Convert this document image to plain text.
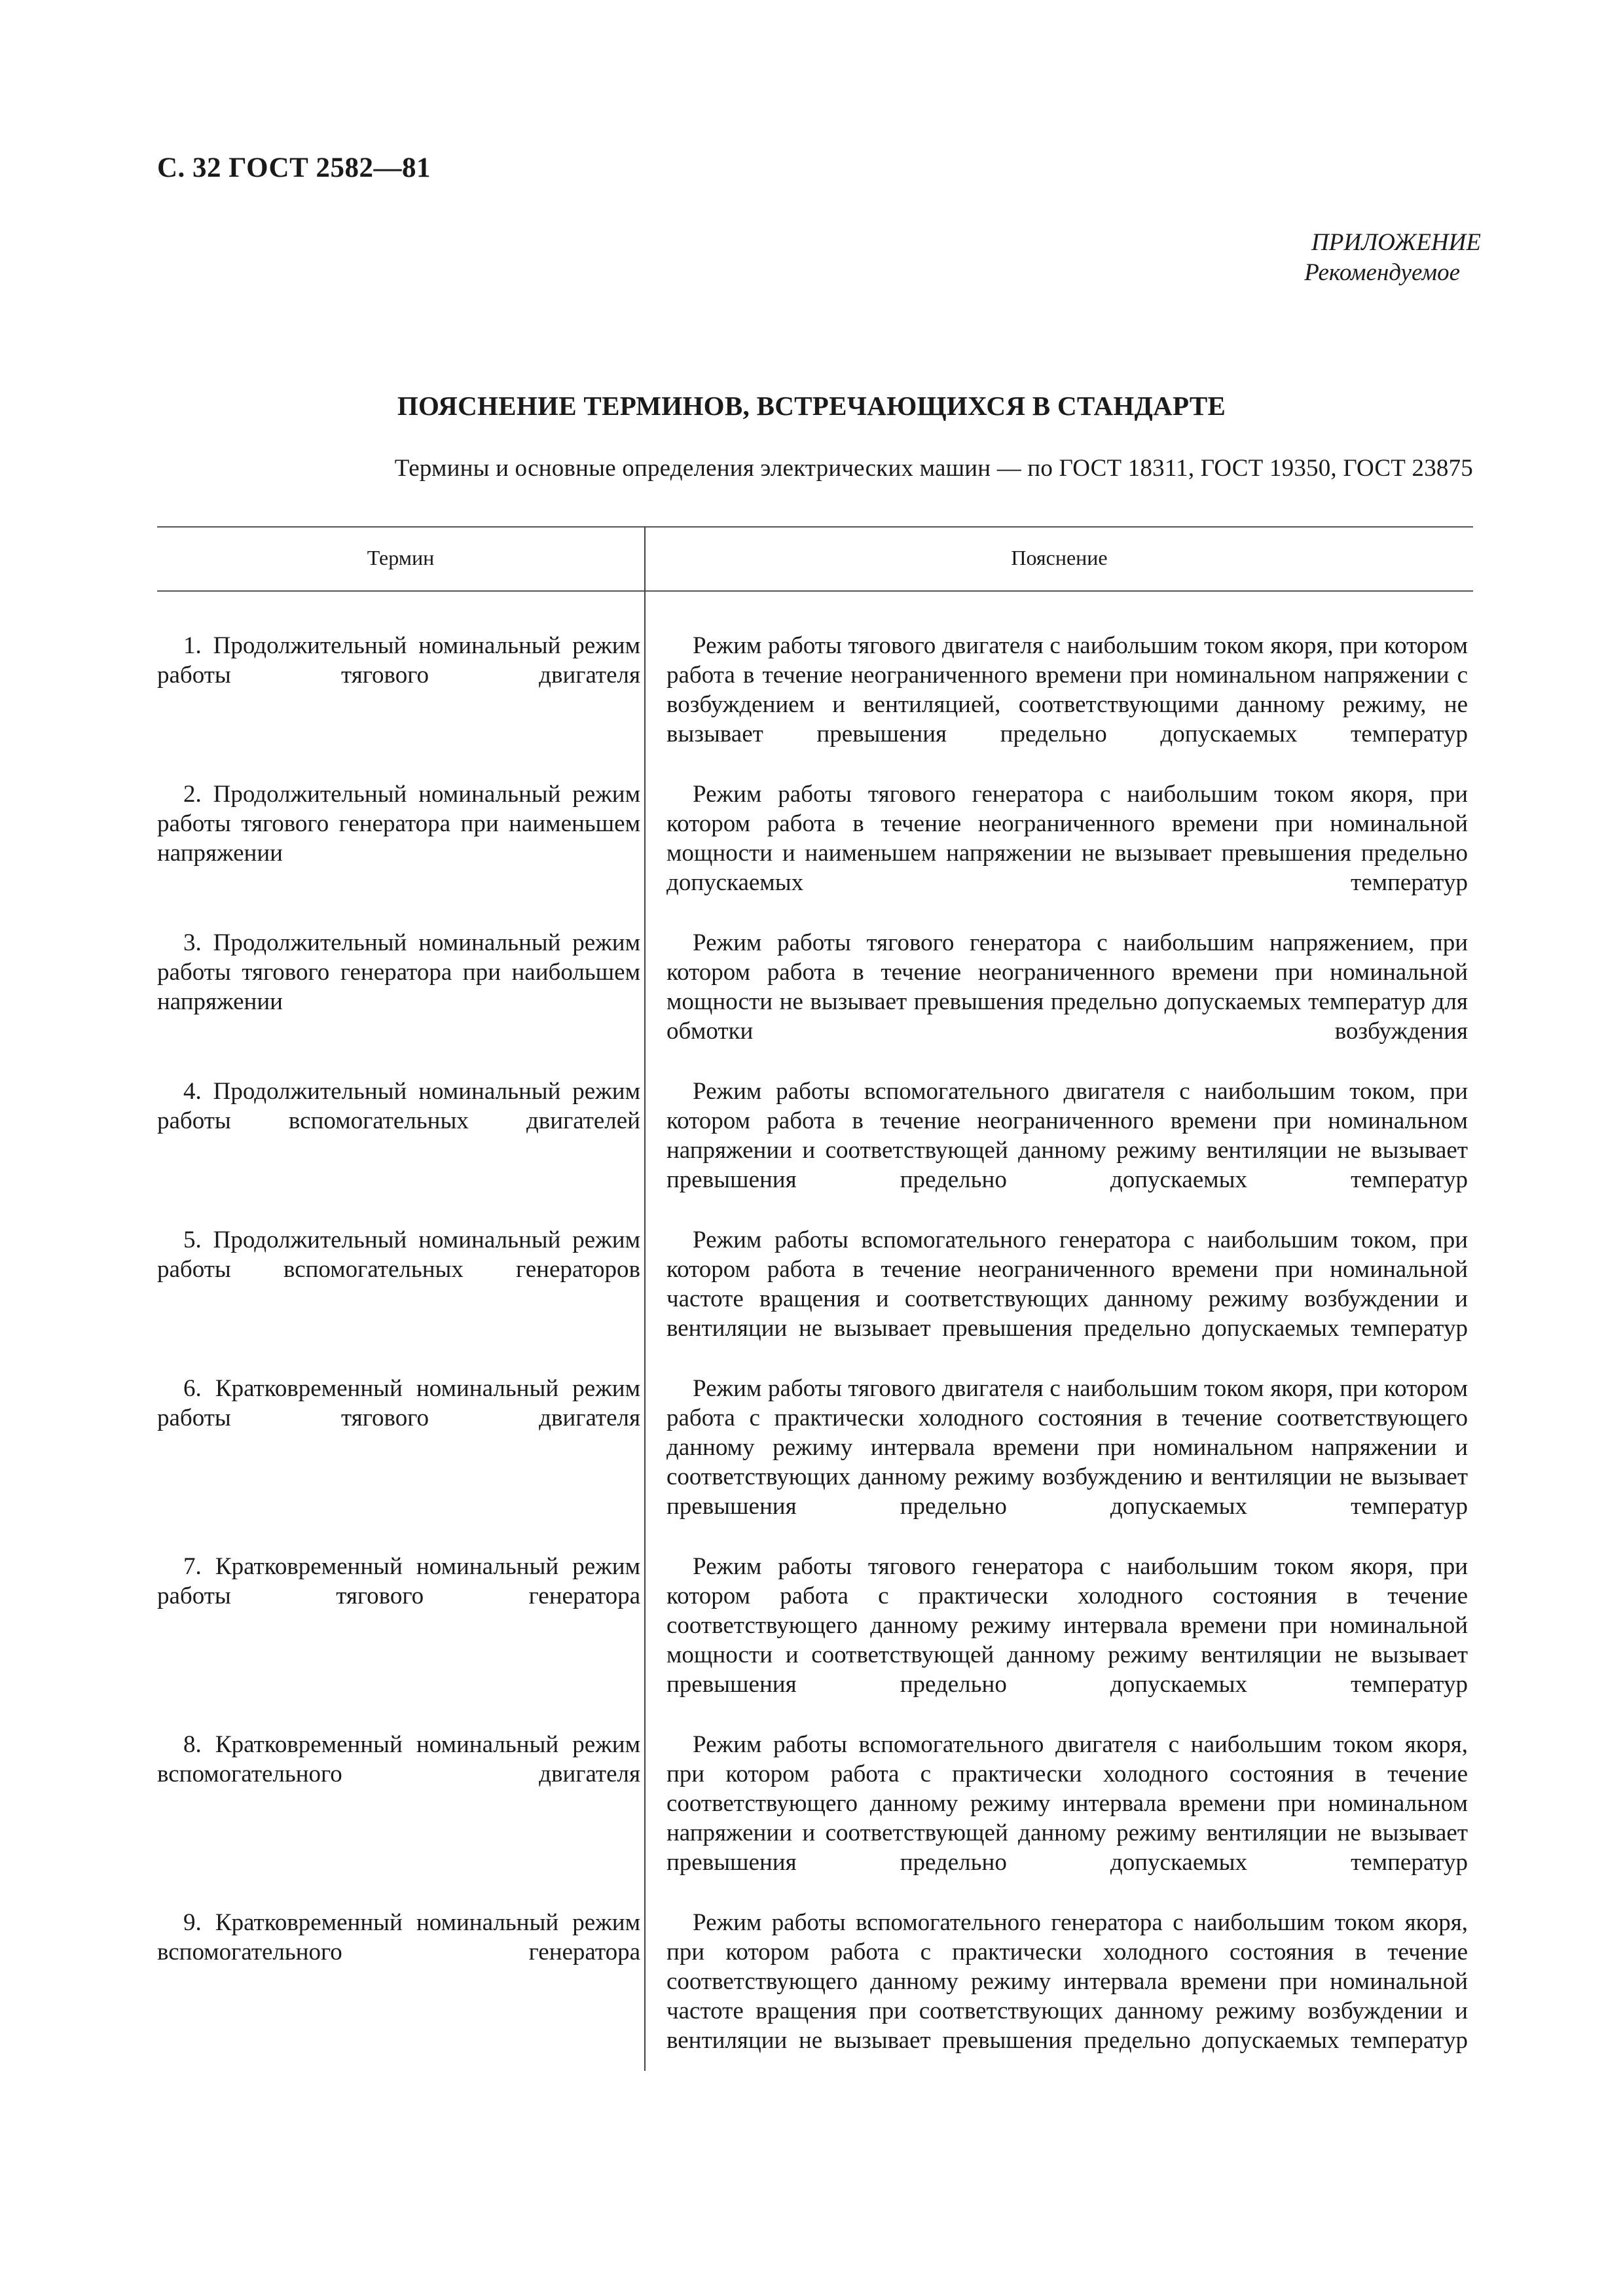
С. 32 ГОСТ 2582—81
ПРИЛОЖЕНИЕ

Рекомендуемое
ПОЯСНЕНИЕ ТЕРМИНОВ, ВСТРЕЧАЮЩИХСЯ В СТАНДАРТЕ
Термины и основные определения электрических машин — по ГОСТ 18311, ГОСТ 19350, ГОСТ 23875
Термин	Пояснение
1. Продолжительный номинальный режим работы тягового двигателя
Режим работы тягового двигателя с наибольшим током якоря, при котором работа в течение неограниченного времени при номинальном напряжении с возбуждением и вентиляцией, соответствующими данному режиму, не вызывает превышения предельно допускаемых температур
2. Продолжительный номинальный режим работы тягового генератора при наименьшем напряжении
Режим работы тягового генератора с наибольшим током якоря, при котором работа в течение неограниченного времени при номинальной мощности и наименьшем напряжении не вызывает превышения предельно допускаемых температур
3. Продолжительный номинальный режим работы тягового генератора при наибольшем напряжении
Режим работы тягового генератора с наибольшим напряжением, при котором работа в течение неограниченного времени при номинальной мощности не вызывает превышения предельно допускаемых температур для обмотки возбуждения
4. Продолжительный номинальный режим работы вспомогательных двигателей
Режим работы вспомогательного двигателя с наибольшим током, при котором работа в течение неограниченного времени при номинальном напряжении и соответствующей данному режиму вентиляции не вызывает превышения предельно допускаемых температур
5. Продолжительный номинальный режим работы вспомогательных генераторов
Режим работы вспомогательного генератора с наибольшим током, при котором работа в течение неограниченного времени при номинальной частоте вращения и соответствующих данному режиму возбуждении и вентиляции не вызывает превышения предельно допускаемых температур
6. Кратковременный номинальный режим работы тягового двигателя
Режим работы тягового двигателя с наибольшим током якоря, при котором работа с практически холодного состояния в течение соответствующего данному режиму интервала времени при номинальном напряжении и соответствующих данному режиму возбуждению и вентиляции не вызывает превышения предельно допускаемых температур
7. Кратковременный номинальный режим работы тягового генератора
Режим работы тягового генератора с наибольшим током якоря, при котором работа с практически холодного состояния в течение соответствующего данному режиму интервала времени при номинальной мощности и соответствующей данному режиму вентиляции не вызывает превышения предельно допускаемых температур
8. Кратковременный номинальный режим вспомогательного двигателя
Режим работы вспомогательного двигателя с наибольшим током якоря, при котором работа с практически холодного состояния в течение соответствующего данному режиму интервала времени при номинальном напряжении и соответствующей данному режиму вентиляции не вызывает превышения предельно допускаемых температур
9. Кратковременный номинальный режим вспомогательного генератора
Режим работы вспомогательного генератора с наибольшим током якоря, при котором работа с практически холодного состояния в течение соответствующего данному режиму интервала времени при номинальной частоте вращения при соответствующих данному режиму возбуждении и вентиляции не вызывает превышения предельно допускаемых температур
